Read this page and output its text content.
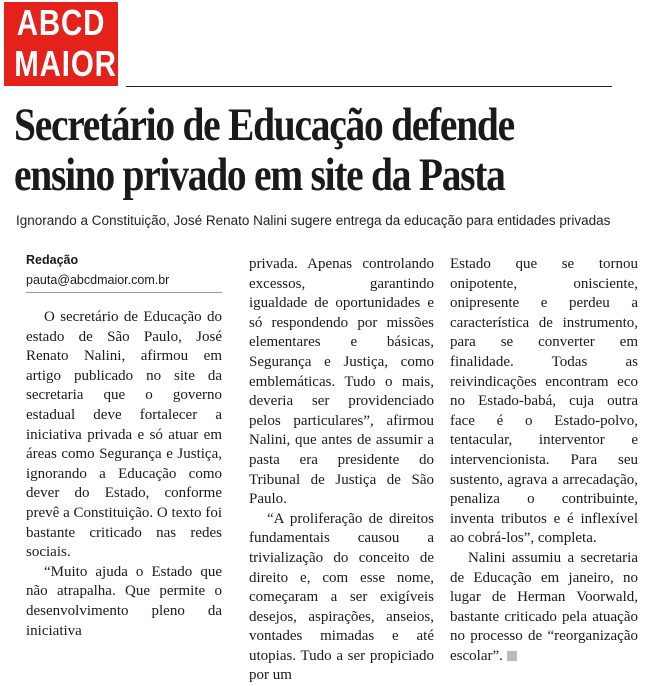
ABCD
MAIOR
Secretário de Educação defende
ensino privado em site da Pasta
Ignorando a Constituição, José Renato Nalini sugere entrega da educação para entidades privadas
Redação
pauta@abcdmaior.com.br

O secretário de Educação do estado de São Paulo, José Renato Nalini, afirmou em artigo publicado no site da secretaria que o governo estadual deve fortalecer a iniciativa privada e só atuar em áreas como Segurança e Justiça, ignorando a Educação como dever do Estado, conforme prevê a Constituição. O texto foi bastante criticado nas redes sociais.

“Muito ajuda o Estado que não atrapalha. Que permite o desenvolvimento pleno da iniciativa

privada. Apenas controlando excessos, garantindo igualdade de oportunidades e só respondendo por missões elementares e básicas, Segurança e Justiça, como emblemáticas. Tudo o mais, deveria ser providenciado pelos particulares”, afirmou Nalini, que antes de assumir a pasta era presidente do Tribunal de Justiça de São Paulo.

“A proliferação de direitos fundamentais causou a trivialização do conceito de direito e, com esse nome, começaram a ser exigíveis desejos, aspirações, anseios, vontades mimadas e até utopias. Tudo a ser propiciado por um

Estado que se tornou onipotente, onisciente, onipresente e perdeu a característica de instrumento, para se converter em finalidade. Todas as reivindicações encontram eco no Estado-babá, cuja outra face é o Estado-polvo, tentacular, interventor e intervencionista. Para seu sustento, agrava a arrecadação, penaliza o contribuinte, inventa tributos e é inflexível ao cobrá-los”, completa.

Nalini assumiu a secretaria de Educação em janeiro, no lugar de Herman Voorwald, bastante criticado pela atuação no processo de “reorganização escolar”.
